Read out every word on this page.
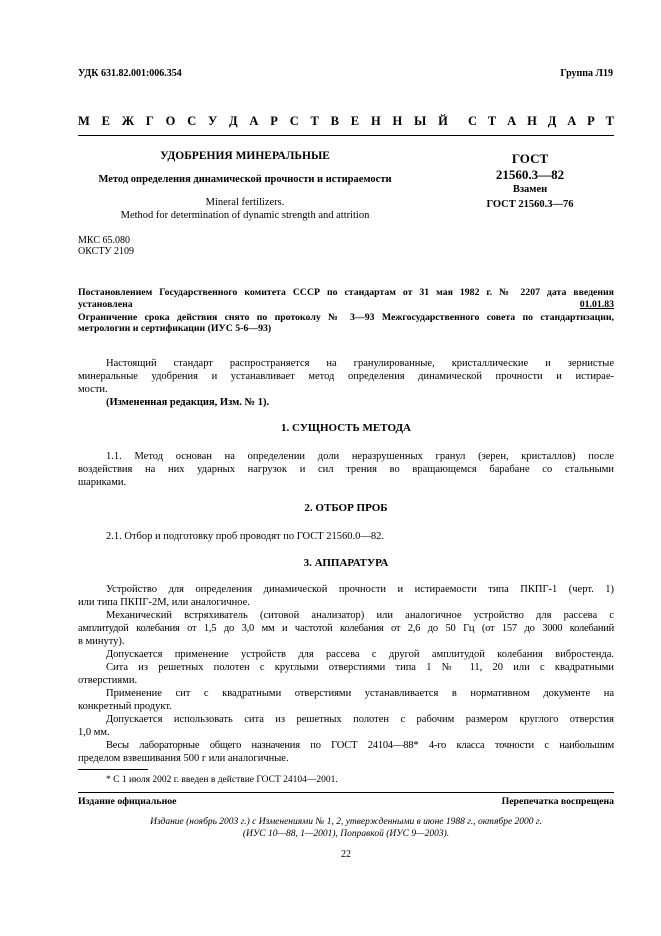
УДК 631.82.001:006.354	Группа Л19
М Е Ж Г О С У Д А Р С Т В Е Н Н Ы Й С Т А Н Д А Р Т
УДОБРЕНИЯ МИНЕРАЛЬНЫЕ
Метод определения динамической прочности и истираемости
Mineral fertilizers.
Method for determination of dynamic strength and attrition
ГОСТ
21560.3—82
Взамен
ГОСТ 21560.3—76
МКС 65.080
ОКСТУ 2109
Постановлением Государственного комитета СССР по стандартам от 31 мая 1982 г. № 2207 дата введения
установлена	01.01.83
Ограничение срока действия снято по протоколу № 3—93 Межгосударственного совета по стандартизации,
метрологии и сертификации (ИУС 5-6—93)
Настоящий стандарт распространяется на гранулированные, кристаллические и зернистые
минеральные удобрения и устанавливает метод определения динамической прочности и истирае-
мости.
(Измененная редакция, Изм. № 1).
1. СУЩНОСТЬ МЕТОДА
1.1. Метод основан на определении доли неразрушенных гранул (зерен, кристаллов) после
воздействия на них ударных нагрузок и сил трения во вращающемся барабане со стальными
шариками.
2. ОТБОР ПРОБ
2.1. Отбор и подготовку проб проводят по ГОСТ 21560.0—82.
3. АППАРАТУРА
Устройство для определения динамической прочности и истираемости типа ПКПГ-1 (черт. 1)
или типа ПКПГ-2М, или аналогичное.
Механический встряхиватель (ситовой анализатор) или аналогичное устройство для рассева с
амплитудой колебания от 1,5 до 3,0 мм и частотой колебания от 2,6 до 50 Гц (от 157 до 3000 колебаний
в минуту).
Допускается применение устройств для рассева с другой амплитудой колебания вибростенда.
Сита из решетных полотен с круглыми отверстиями типа 1 № 11, 20 или с квадратными
отверстиями.
Применение сит с квадратными отверстиями устанавливается в нормативном документе на
конкретный продукт.
Допускается использовать сита из решетных полотен с рабочим размером круглого отверстия
1,0 мм.
Весы лабораторные общего назначения по ГОСТ 24104—88* 4-го класса точности с наибольшим
пределом взвешивания 500 г или аналогичные.
* С 1 июля 2002 г. введен в действие ГОСТ 24104—2001.
Издание официальное	Перепечатка воспрещена
Издание (ноябрь 2003 г.) с Изменениями № 1, 2, утвержденными в июне 1988 г., октябре 2000 г.
(ИУС 10—88, 1—2001), Поправкой (ИУС 9—2003).
22
